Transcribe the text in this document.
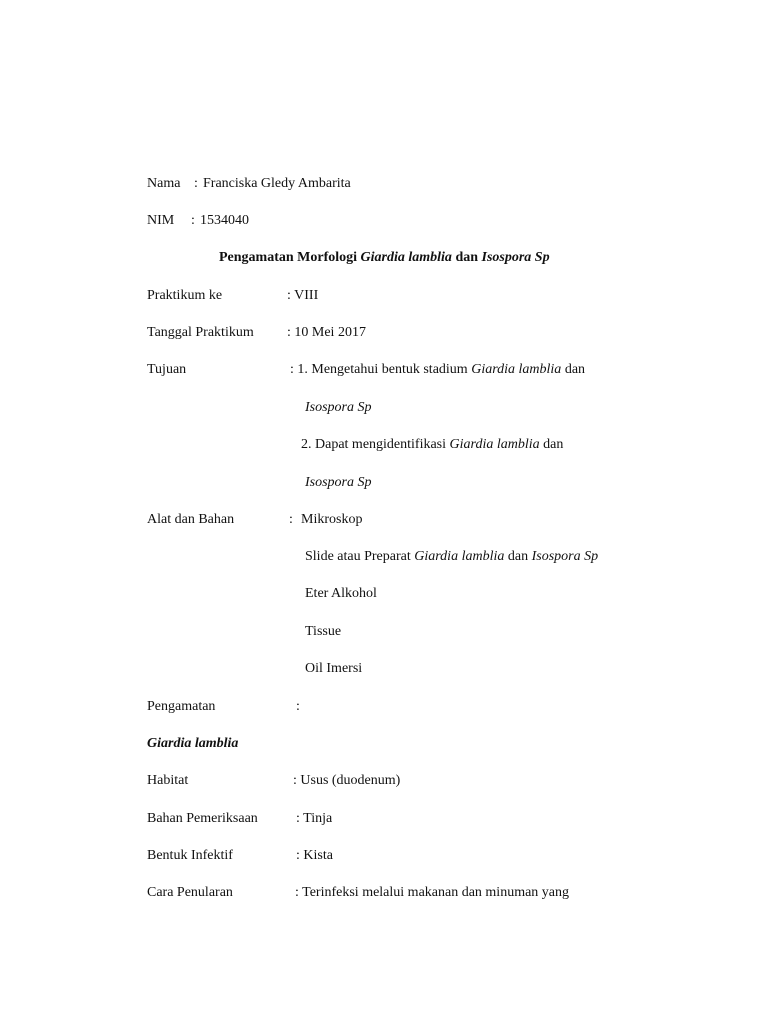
Nama : Franciska Gledy Ambarita
NIM : 1534040
Pengamatan Morfologi Giardia lamblia dan Isospora Sp
Praktikum ke	: VIII
Tanggal Praktikum : 10 Mei 2017
Tujuan	: 1. Mengetahui bentuk stadium Giardia lamblia dan
Isospora Sp
2. Dapat mengidentifikasi Giardia lamblia dan
Isospora Sp
Alat dan Bahan	: Mikroskop
Slide atau Preparat Giardia lamblia dan Isospora Sp
Eter Alkohol
Tissue
Oil Imersi
Pengamatan	:
Giardia lamblia
Habitat	: Usus (duodenum)
Bahan Pemeriksaan	: Tinja
Bentuk Infektif	: Kista
Cara Penularan	: Terinfeksi melalui makanan dan minuman yang
